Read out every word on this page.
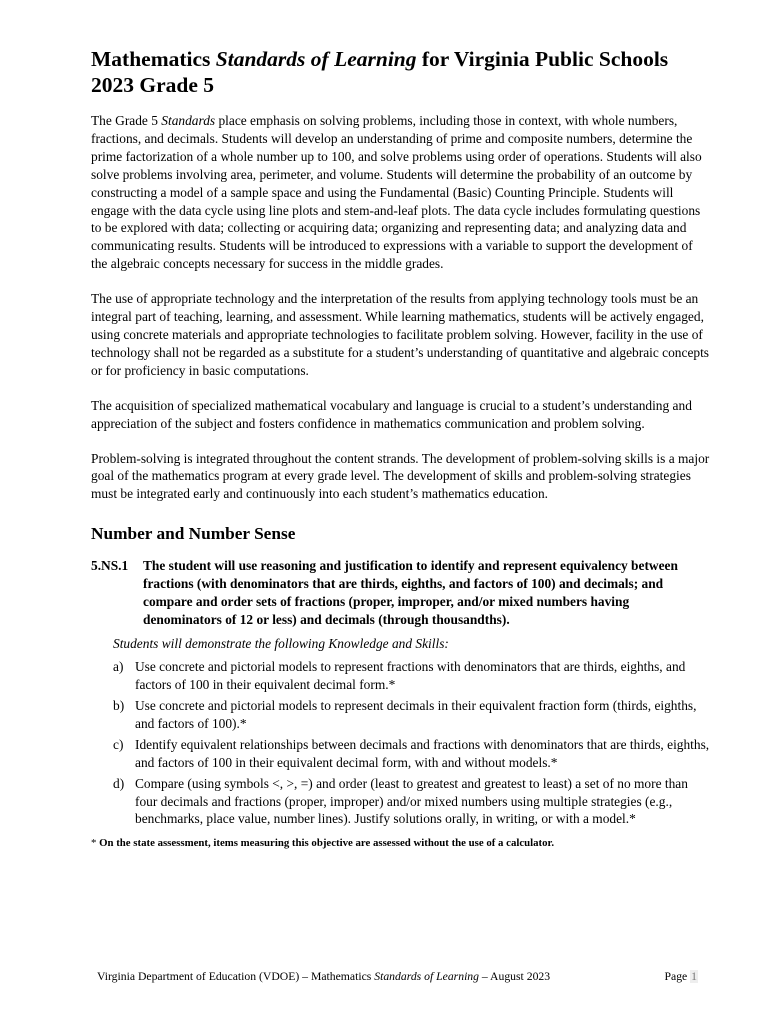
Mathematics Standards of Learning for Virginia Public Schools
2023 Grade 5

The Grade 5 Standards place emphasis on solving problems, including those in context, with whole numbers, fractions, and decimals. Students will develop an understanding of prime and composite numbers, determine the prime factorization of a whole number up to 100, and solve problems using order of operations. Students will also solve problems involving area, perimeter, and volume. Students will determine the probability of an outcome by constructing a model of a sample space and using the Fundamental (Basic) Counting Principle. Students will engage with the data cycle using line plots and stem-and-leaf plots. The data cycle includes formulating questions to be explored with data; collecting or acquiring data; organizing and representing data; and analyzing data and communicating results. Students will be introduced to expressions with a variable to support the development of the algebraic concepts necessary for success in the middle grades.

The use of appropriate technology and the interpretation of the results from applying technology tools must be an integral part of teaching, learning, and assessment. While learning mathematics, students will be actively engaged, using concrete materials and appropriate technologies to facilitate problem solving. However, facility in the use of technology shall not be regarded as a substitute for a student’s understanding of quantitative and algebraic concepts or for proficiency in basic computations.

The acquisition of specialized mathematical vocabulary and language is crucial to a student’s understanding and appreciation of the subject and fosters confidence in mathematics communication and problem solving.

Problem-solving is integrated throughout the content strands. The development of problem-solving skills is a major goal of the mathematics program at every grade level. The development of skills and problem-solving strategies must be integrated early and continuously into each student’s mathematics education.

Number and Number Sense
5.NS.1	The student will use reasoning and justification to identify and represent equivalency between fractions (with denominators that are thirds, eighths, and factors of 100) and decimals; and compare and order sets of fractions (proper, improper, and/or mixed numbers having denominators of 12 or less) and decimals (through thousandths).
Students will demonstrate the following Knowledge and Skills:
a) Use concrete and pictorial models to represent fractions with denominators that are thirds, eighths, and factors of 100 in their equivalent decimal form.*
b) Use concrete and pictorial models to represent decimals in their equivalent fraction form (thirds, eighths, and factors of 100).*
c) Identify equivalent relationships between decimals and fractions with denominators that are thirds, eighths, and factors of 100 in their equivalent decimal form, with and without models.*
d) Compare (using symbols <, >, =) and order (least to greatest and greatest to least) a set of no more than four decimals and fractions (proper, improper) and/or mixed numbers using multiple strategies (e.g., benchmarks, place value, number lines). Justify solutions orally, in writing, or with a model.*
* On the state assessment, items measuring this objective are assessed without the use of a calculator.
Virginia Department of Education (VDOE) – Mathematics Standards of Learning – August 2023	Page 1
